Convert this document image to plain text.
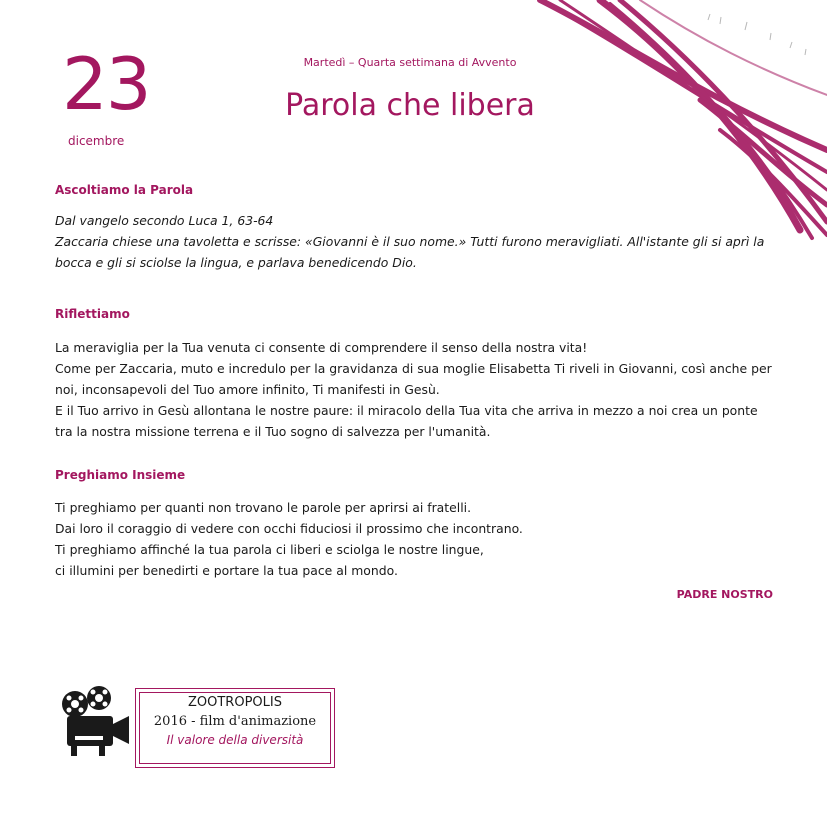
23
dicembre
Martedì – Quarta settimana di Avvento
Parola che libera
Ascoltiamo la Parola

Dal vangelo secondo Luca 1, 63-64

Zaccaria chiese una tavoletta e scrisse: «Giovanni è il suo nome.» Tutti furono meravigliati. All'istante gli si aprì la

bocca e gli si sciolse la lingua, e parlava benedicendo Dio.

Riflettiamo

La meraviglia per la Tua venuta ci consente di comprendere il senso della nostra vita!

Come per Zaccaria, muto e incredulo per la gravidanza di sua moglie Elisabetta Ti riveli in Giovanni, così anche per

noi, inconsapevoli del Tuo amore infinito, Ti manifesti in Gesù.

E il Tuo arrivo in Gesù allontana le nostre paure: il miracolo della Tua vita che arriva in mezzo a noi crea un ponte

tra la nostra missione terrena e il Tuo sogno di salvezza per l'umanità.

Preghiamo Insieme

Ti preghiamo per quanti non trovano le parole per aprirsi ai fratelli.

Dai loro il coraggio di vedere con occhi fiduciosi il prossimo che incontrano.

Ti preghiamo affinché la tua parola ci liberi e sciolga le nostre lingue,

ci illumini per benedirti e portare la tua pace al mondo.

PADRE NOSTRO
ZOOTROPOLIS
2016 - film d'animazione
Il valore della diversità
